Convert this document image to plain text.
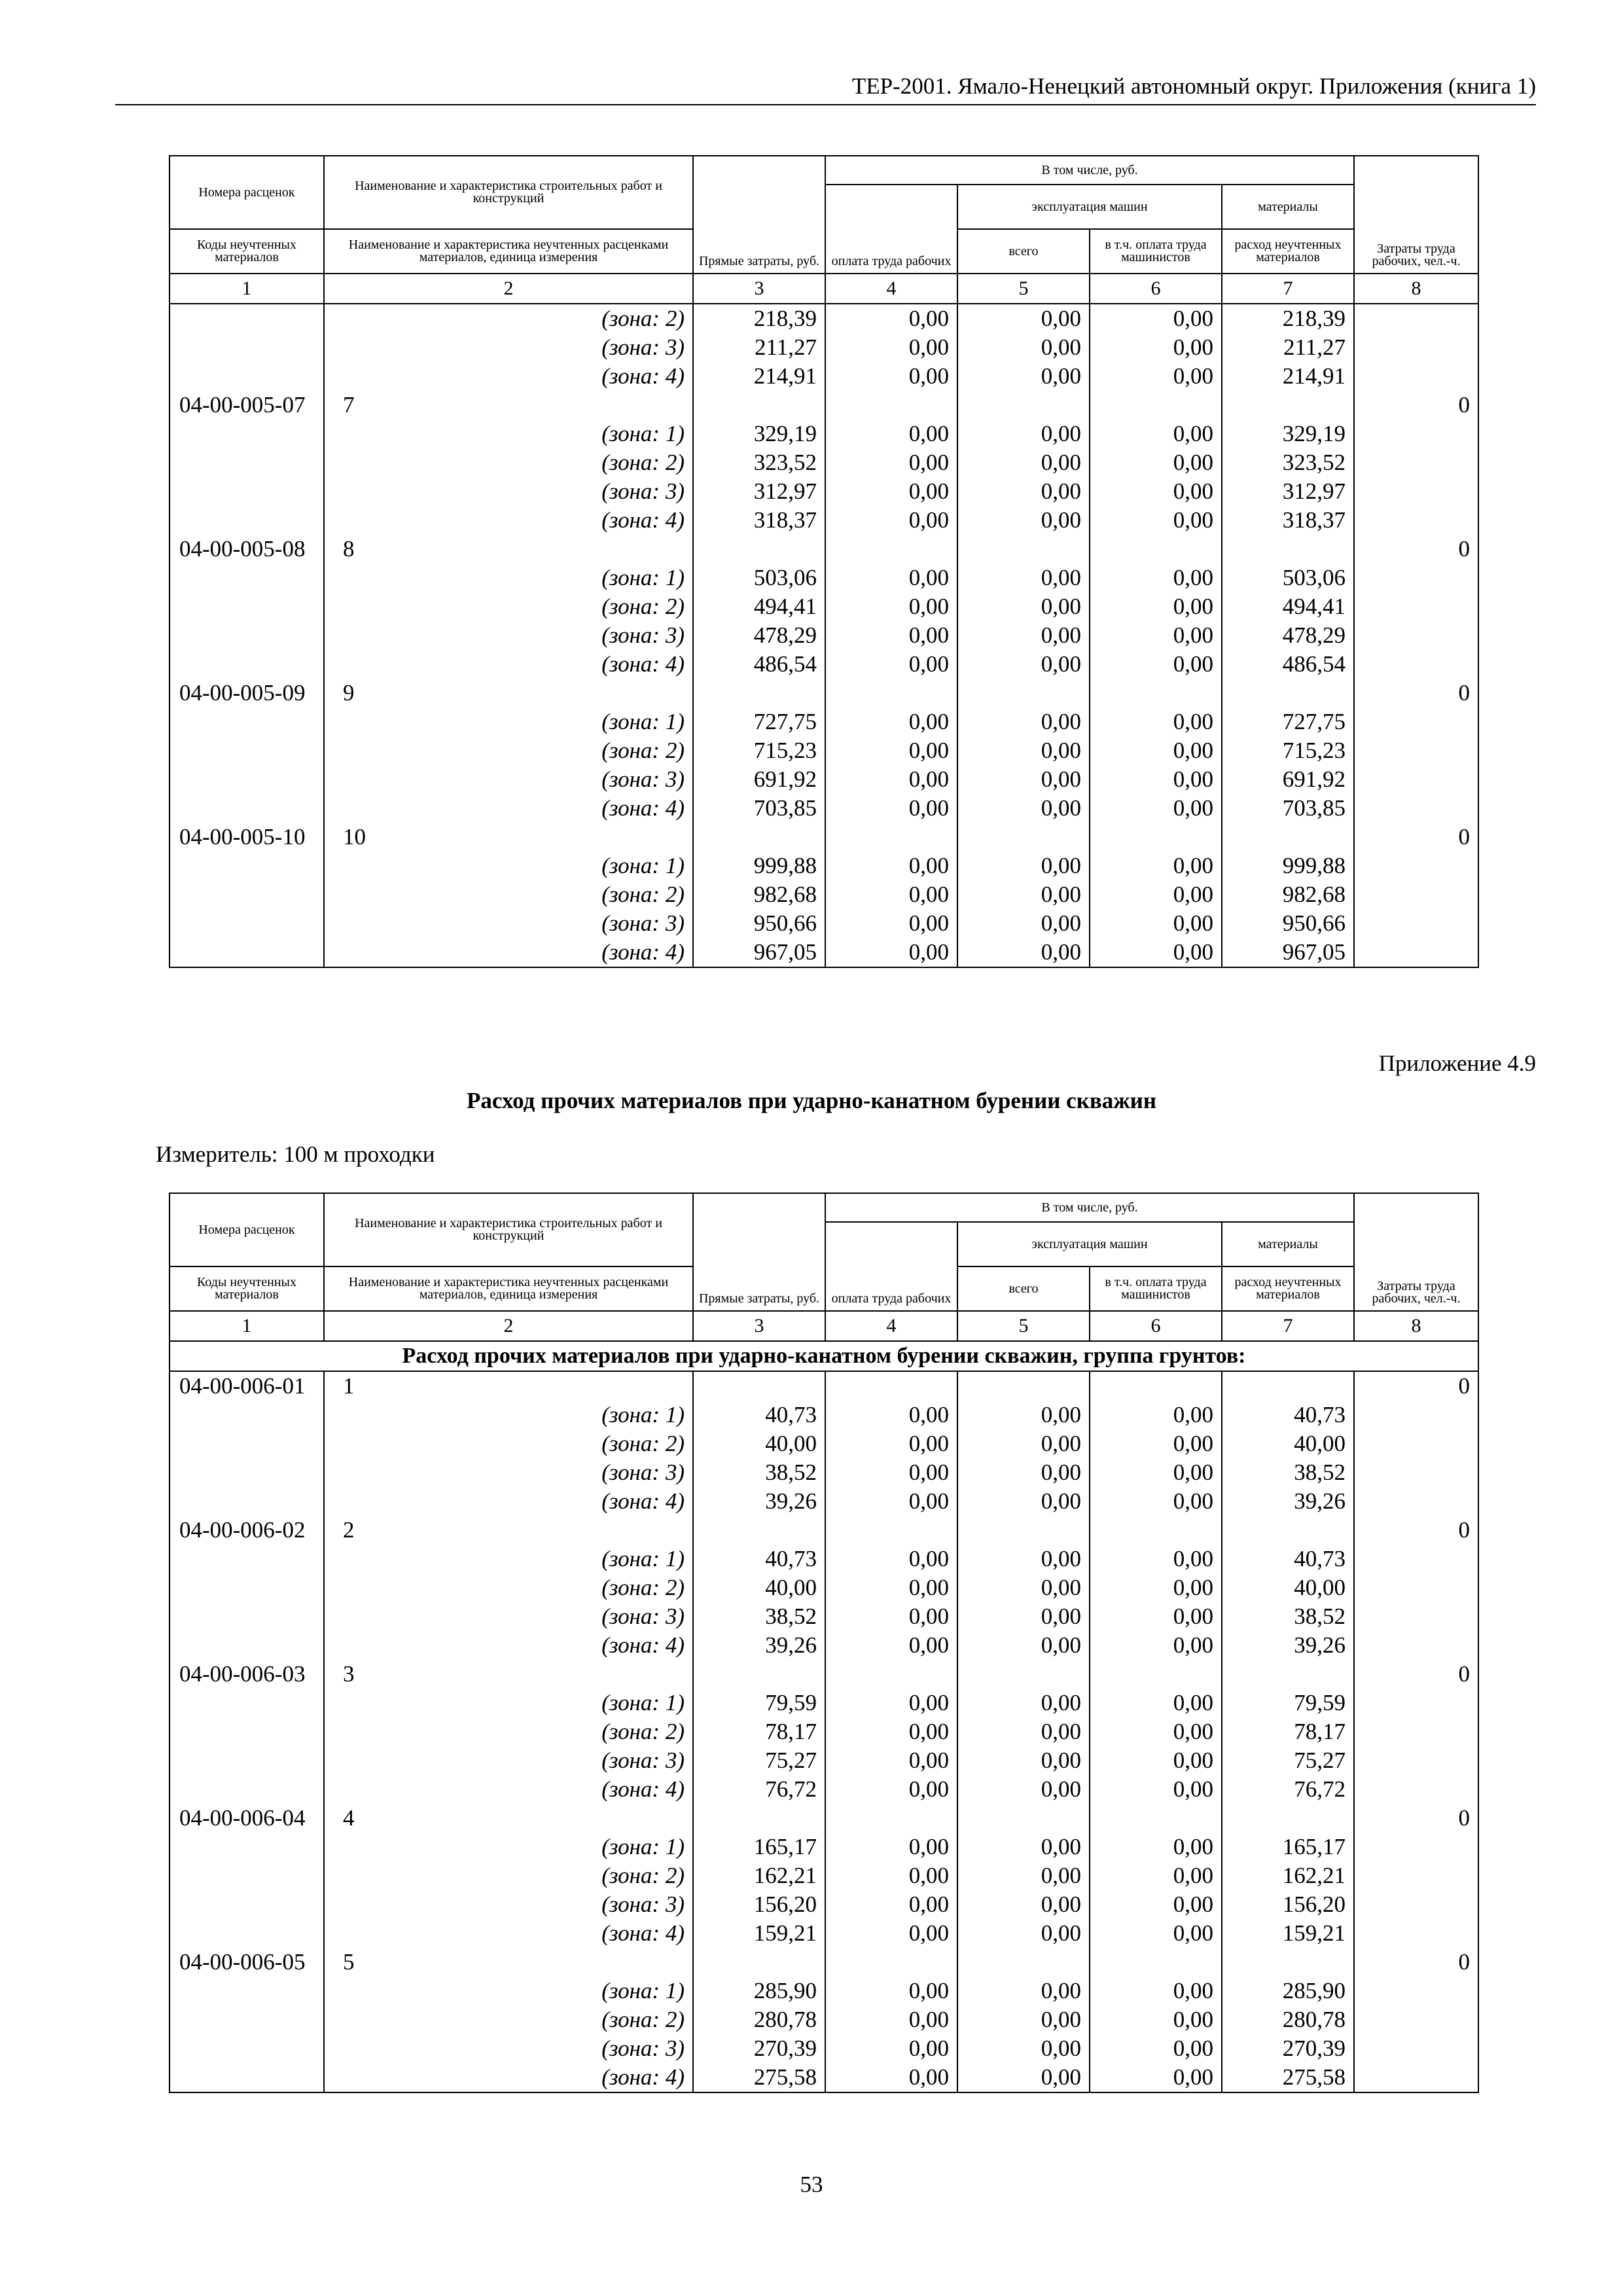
ТЕР-2001. Ямало-Ненецкий автономный округ. Приложения (книга 1)
Номера расценок	Наименование и характеристика строительных работ и конструкций	Прямые затраты, руб.	В том числе, руб.				Затраты труда рабочих, чел.-ч.
			оплата труда рабочих	эксплуатация машин		материалы	
Коды неучтенных материалов	Наименование и характеристика неучтенных расценками материалов, единица измерения			всего	в т.ч. оплата труда машинистов	расход неучтенных материалов	
1	2	3	4	5	6	7	8
	(зона: 2)	218,39	0,00	0,00	0,00	218,39	
	(зона: 3)	211,27	0,00	0,00	0,00	211,27	
	(зона: 4)	214,91	0,00	0,00	0,00	214,91	
04-00-005-07	7						0
	(зона: 1)	329,19	0,00	0,00	0,00	329,19	
	(зона: 2)	323,52	0,00	0,00	0,00	323,52	
	(зона: 3)	312,97	0,00	0,00	0,00	312,97	
	(зона: 4)	318,37	0,00	0,00	0,00	318,37	
04-00-005-08	8						0
	(зона: 1)	503,06	0,00	0,00	0,00	503,06	
	(зона: 2)	494,41	0,00	0,00	0,00	494,41	
	(зона: 3)	478,29	0,00	0,00	0,00	478,29	
	(зона: 4)	486,54	0,00	0,00	0,00	486,54	
04-00-005-09	9						0
	(зона: 1)	727,75	0,00	0,00	0,00	727,75	
	(зона: 2)	715,23	0,00	0,00	0,00	715,23	
	(зона: 3)	691,92	0,00	0,00	0,00	691,92	
	(зона: 4)	703,85	0,00	0,00	0,00	703,85	
04-00-005-10	10						0
	(зона: 1)	999,88	0,00	0,00	0,00	999,88	
	(зона: 2)	982,68	0,00	0,00	0,00	982,68	
	(зона: 3)	950,66	0,00	0,00	0,00	950,66	
	(зона: 4)	967,05	0,00	0,00	0,00	967,05	
Приложение 4.9
Расход прочих материалов при ударно-канатном бурении скважин
Измеритель: 100 м проходки
Номера расценок	Наименование и характеристика строительных работ и конструкций	Прямые затраты, руб.	В том числе, руб.				Затраты труда рабочих, чел.-ч.
			оплата труда рабочих	эксплуатация машин		материалы	
Коды неучтенных материалов	Наименование и характеристика неучтенных расценками материалов, единица измерения			всего	в т.ч. оплата труда машинистов	расход неучтенных материалов	
1	2	3	4	5	6	7	8
Расход прочих материалов при ударно-канатном бурении скважин, группа грунтов:							
04-00-006-01	1						0
	(зона: 1)	40,73	0,00	0,00	0,00	40,73	
	(зона: 2)	40,00	0,00	0,00	0,00	40,00	
	(зона: 3)	38,52	0,00	0,00	0,00	38,52	
	(зона: 4)	39,26	0,00	0,00	0,00	39,26	
04-00-006-02	2						0
	(зона: 1)	40,73	0,00	0,00	0,00	40,73	
	(зона: 2)	40,00	0,00	0,00	0,00	40,00	
	(зона: 3)	38,52	0,00	0,00	0,00	38,52	
	(зона: 4)	39,26	0,00	0,00	0,00	39,26	
04-00-006-03	3						0
	(зона: 1)	79,59	0,00	0,00	0,00	79,59	
	(зона: 2)	78,17	0,00	0,00	0,00	78,17	
	(зона: 3)	75,27	0,00	0,00	0,00	75,27	
	(зона: 4)	76,72	0,00	0,00	0,00	76,72	
04-00-006-04	4						0
	(зона: 1)	165,17	0,00	0,00	0,00	165,17	
	(зона: 2)	162,21	0,00	0,00	0,00	162,21	
	(зона: 3)	156,20	0,00	0,00	0,00	156,20	
	(зона: 4)	159,21	0,00	0,00	0,00	159,21	
04-00-006-05	5						0
	(зона: 1)	285,90	0,00	0,00	0,00	285,90	
	(зона: 2)	280,78	0,00	0,00	0,00	280,78	
	(зона: 3)	270,39	0,00	0,00	0,00	270,39	
	(зона: 4)	275,58	0,00	0,00	0,00	275,58	
53
